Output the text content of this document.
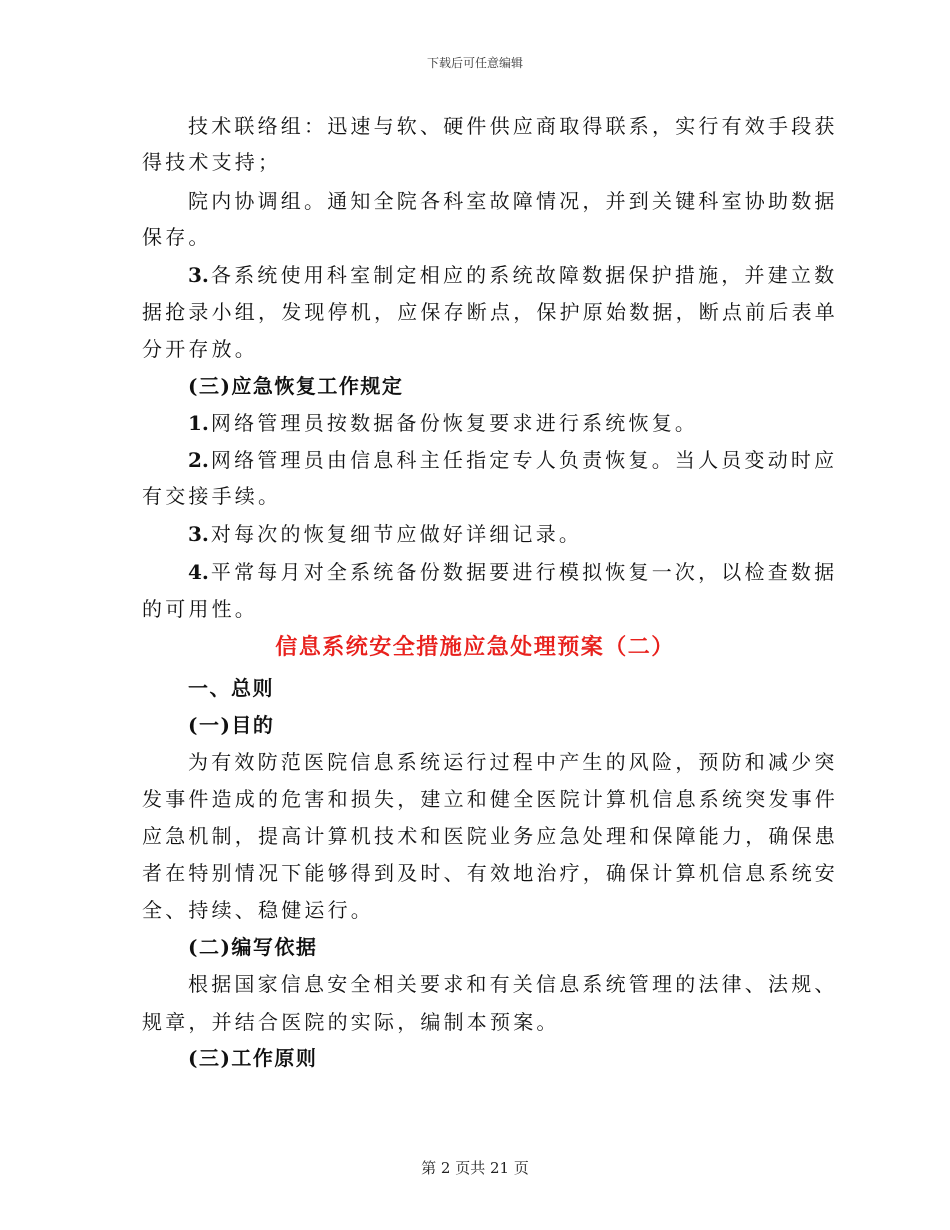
下载后可任意编辑
技术联络组：迅速与软、硬件供应商取得联系，实行有效手段获
得技术支持；
院内协调组。通知全院各科室故障情况，并到关键科室协助数据
保存。
3. 各系统使用科室制定相应的系统故障数据保护措施，并建立数
据抢录小组，发现停机，应保存断点，保护原始数据，断点前后表单
分开存放。
(三)应急恢复工作规定
1. 网络管理员按数据备份恢复要求进行系统恢复。
2. 网络管理员由信息科主任指定专人负责恢复。当人员变动时应
有交接手续。
3. 对每次的恢复细节应做好详细记录。
4. 平常每月对全系统备份数据要进行模拟恢复一次，以检查数据
的可用性。
信息系统安全措施应急处理预案（二）
一、总则
(一)目的
为有效防范医院信息系统运行过程中产生的风险，预防和减少突
发事件造成的危害和损失，建立和健全医院计算机信息系统突发事件
应急机制，提高计算机技术和医院业务应急处理和保障能力，确保患
者在特别情况下能够得到及时、有效地治疗，确保计算机信息系统安
全、持续、稳健运行。
(二)编写依据
根据国家信息安全相关要求和有关信息系统管理的法律、法规、
规章，并结合医院的实际，编制本预案。
(三)工作原则
第 2 页共 21 页
